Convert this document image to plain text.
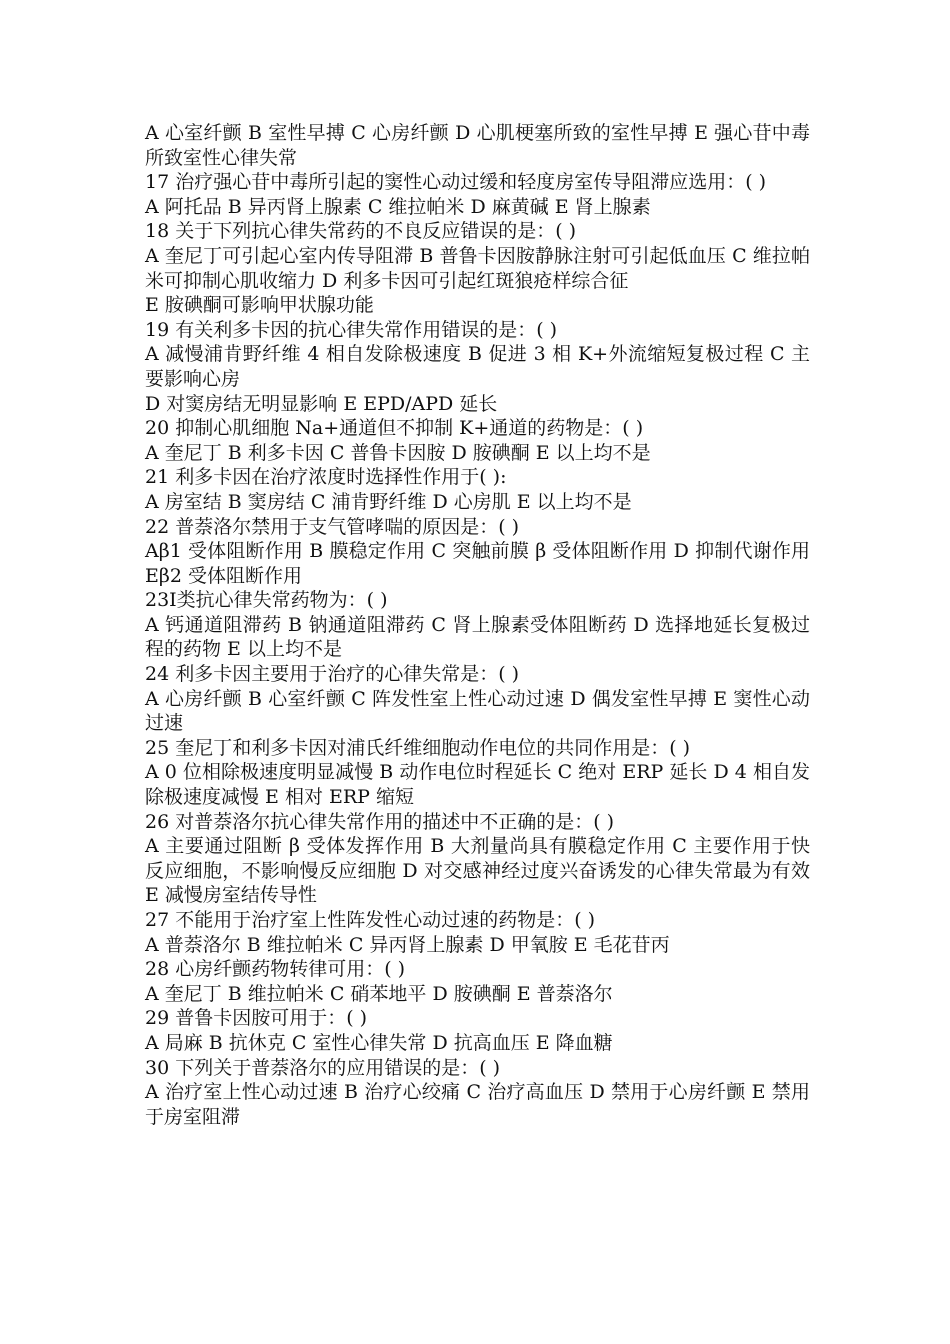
A 心室纤颤 B 室性早搏 C 心房纤颤 D 心肌梗塞所致的室性早搏 E 强心苷中毒所致室性心律失常

17 治疗强心苷中毒所引起的窦性心动过缓和轻度房室传导阻滞应选用：( )

A 阿托品 B 异丙肾上腺素 C 维拉帕米 D 麻黄碱 E 肾上腺素

18 关于下列抗心律失常药的不良反应错误的是：( )

A 奎尼丁可引起心室内传导阻滞 B 普鲁卡因胺静脉注射可引起低血压 C 维拉帕米可抑制心肌收缩力 D 利多卡因可引起红斑狼疮样综合征

E 胺碘酮可影响甲状腺功能

19 有关利多卡因的抗心律失常作用错误的是：( )

A 减慢浦肯野纤维 4 相自发除极速度 B 促进 3 相 K+外流缩短复极过程 C 主要影响心房

D 对窦房结无明显影响 E EPD/APD 延长

20 抑制心肌细胞 Na+通道但不抑制 K+通道的药物是：( )

A 奎尼丁 B 利多卡因 C 普鲁卡因胺 D 胺碘酮 E 以上均不是

21 利多卡因在治疗浓度时选择性作用于( ):

A 房室结 B 窦房结 C 浦肯野纤维 D 心房肌 E 以上均不是

22 普萘洛尔禁用于支气管哮喘的原因是：( )

Aβ1 受体阻断作用 B 膜稳定作用 C 突触前膜 β 受体阻断作用 D 抑制代谢作用 Eβ2 受体阻断作用

23Ⅰ类抗心律失常药物为：( )

A 钙通道阻滞药 B 钠通道阻滞药 C 肾上腺素受体阻断药 D 选择地延长复极过程的药物 E 以上均不是

24 利多卡因主要用于治疗的心律失常是：( )

A 心房纤颤 B 心室纤颤 C 阵发性室上性心动过速 D 偶发室性早搏 E 窦性心动过速

25 奎尼丁和利多卡因对浦氏纤维细胞动作电位的共同作用是：( )

A 0 位相除极速度明显减慢 B 动作电位时程延长 C 绝对 ERP 延长 D 4 相自发除极速度减慢 E 相对 ERP 缩短

26 对普萘洛尔抗心律失常作用的描述中不正确的是：( )

A 主要通过阻断 β 受体发挥作用 B 大剂量尚具有膜稳定作用 C 主要作用于快反应细胞，不影响慢反应细胞 D 对交感神经过度兴奋诱发的心律失常最为有效 E 减慢房室结传导性

27 不能用于治疗室上性阵发性心动过速的药物是：( )

A 普萘洛尔 B 维拉帕米 C 异丙肾上腺素 D 甲氧胺 E 毛花苷丙

28 心房纤颤药物转律可用：( )

A 奎尼丁 B 维拉帕米 C 硝苯地平 D 胺碘酮 E 普萘洛尔

29 普鲁卡因胺可用于：( )

A 局麻 B 抗休克 C 室性心律失常 D 抗高血压 E 降血糖

30 下列关于普萘洛尔的应用错误的是：( )

A 治疗室上性心动过速 B 治疗心绞痛 C 治疗高血压 D 禁用于心房纤颤 E 禁用于房室阻滞
